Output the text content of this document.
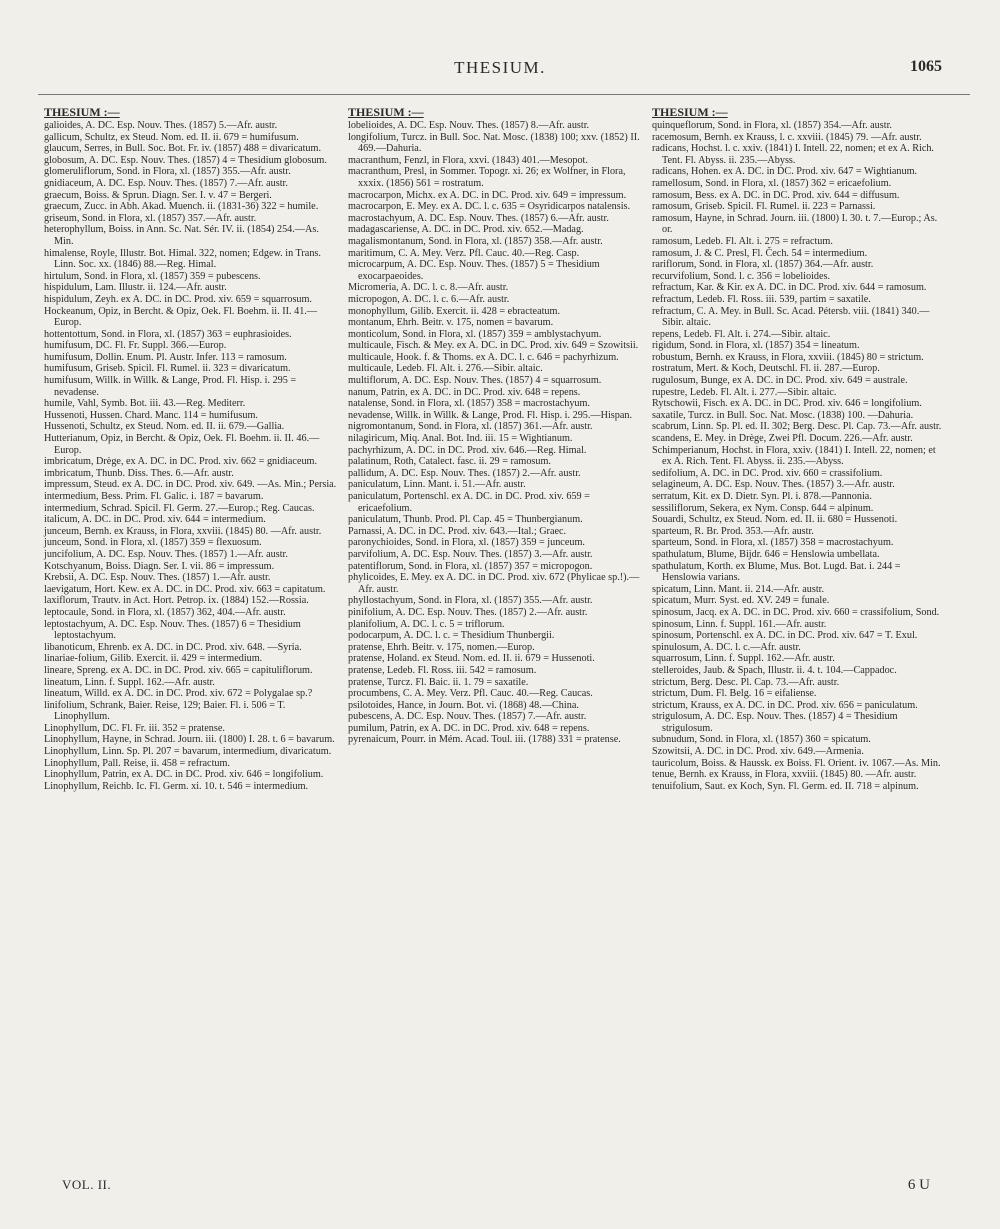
THESIUM.	1065
THESIUM :—

galioides, A. DC. Esp. Nouv. Thes. (1857) 5.—Afr. austr.

gallicum, Schultz, ex Steud. Nom. ed. II. ii. 679 = humifusum.

glaucum, Serres, in Bull. Soc. Bot. Fr. iv. (1857) 488 = divaricatum.

globosum, A. DC. Esp. Nouv. Thes. (1857) 4 = Thesidium globosum.

glomeruliflorum, Sond. in Flora, xl. (1857) 355.—Afr. austr.

gnidiaceum, A. DC. Esp. Nouv. Thes. (1857) 7.—Afr. austr.

graecum, Boiss. & Sprun. Diagn. Ser. I. v. 47 = Bergeri.

graecum, Zucc. in Abh. Akad. Muench. ii. (1831-36) 322 = humile.

griseum, Sond. in Flora, xl. (1857) 357.—Afr. austr.

heterophyllum, Boiss. in Ann. Sc. Nat. Sér. IV. ii. (1854) 254.—As. Min.

himalense, Royle, Illustr. Bot. Himal. 322, nomen; Edgew. in Trans. Linn. Soc. xx. (1846) 88.—Reg. Himal.

hirtulum, Sond. in Flora, xl. (1857) 359 = pubescens.

hispidulum, Lam. Illustr. ii. 124.—Afr. austr.

hispidulum, Zeyh. ex A. DC. in DC. Prod. xiv. 659 = squarrosum.

Hockeanum, Opiz, in Bercht. & Opiz, Oek. Fl. Boehm. ii. II. 41.—Europ.

hottentottum, Sond. in Flora, xl. (1857) 363 = euphrasioides.

humifusum, DC. Fl. Fr. Suppl. 366.—Europ.

humifusum, Dollin. Enum. Pl. Austr. Infer. 113 = ramosum.

humifusum, Griseb. Spicil. Fl. Rumel. ii. 323 = divaricatum.

humifusum, Willk. in Willk. & Lange, Prod. Fl. Hisp. i. 295 = nevadense.

humile, Vahl, Symb. Bot. iii. 43.—Reg. Mediterr.

Hussenoti, Hussen. Chard. Manc. 114 = humifusum.

Hussenoti, Schultz, ex Steud. Nom. ed. II. ii. 679.—Gallia.

Hutterianum, Opiz, in Bercht. & Opiz, Oek. Fl. Boehm. ii. II. 46.—Europ.

imbricatum, Drège, ex A. DC. in DC. Prod. xiv. 662 = gnidiaceum.

imbricatum, Thunb. Diss. Thes. 6.—Afr. austr.

impressum, Steud. ex A. DC. in DC. Prod. xiv. 649. —As. Min.; Persia.

intermedium, Bess. Prim. Fl. Galic. i. 187 = bavarum.

intermedium, Schrad. Spicil. Fl. Germ. 27.—Europ.; Reg. Caucas.

italicum, A. DC. in DC. Prod. xiv. 644 = intermedium.

junceum, Bernh. ex Krauss, in Flora, xxviii. (1845) 80. —Afr. austr.

junceum, Sond. in Flora, xl. (1857) 359 = flexuosum.

juncifolium, A. DC. Esp. Nouv. Thes. (1857) 1.—Afr. austr.

Kotschyanum, Boiss. Diagn. Ser. I. vii. 86 = impressum.

Krebsii, A. DC. Esp. Nouv. Thes. (1857) 1.—Afr. austr.

laevigatum, Hort. Kew. ex A. DC. in DC. Prod. xiv. 663 = capitatum.

laxiflorum, Trautv. in Act. Hort. Petrop. ix. (1884) 152.—Rossia.

leptocaule, Sond. in Flora, xl. (1857) 362, 404.—Afr. austr.

leptostachyum, A. DC. Esp. Nouv. Thes. (1857) 6 = Thesidium leptostachyum.

libanoticum, Ehrenb. ex A. DC. in DC. Prod. xiv. 648. —Syria.

linariae-folium, Gilib. Exercit. ii. 429 = intermedium.

lineare, Spreng. ex A. DC. in DC. Prod. xiv. 665 = capituliflorum.

lineatum, Linn. f. Suppl. 162.—Afr. austr.

lineatum, Willd. ex A. DC. in DC. Prod. xiv. 672 = Polygalae sp.?

linifolium, Schrank, Baier. Reise, 129; Baier. Fl. i. 506 = T. Linophyllum.

Linophyllum, DC. Fl. Fr. iii. 352 = pratense.

Linophyllum, Hayne, in Schrad. Journ. iii. (1800) I. 28. t. 6 = bavarum.

Linophyllum, Linn. Sp. Pl. 207 = bavarum, intermedium, divaricatum.

Linophyllum, Pall. Reise, ii. 458 = refractum.

Linophyllum, Patrin, ex A. DC. in DC. Prod. xiv. 646 = longifolium.

Linophyllum, Reichb. Ic. Fl. Germ. xi. 10. t. 546 = intermedium.

THESIUM :—

lobelioides, A. DC. Esp. Nouv. Thes. (1857) 8.—Afr. austr.

longifolium, Turcz. in Bull. Soc. Nat. Mosc. (1838) 100; xxv. (1852) II. 469.—Dahuria.

macranthum, Fenzl, in Flora, xxvi. (1843) 401.—Mesopot.

macranthum, Presl, in Sommer. Topogr. xi. 26; ex Wolfner, in Flora, xxxix. (1856) 561 = rostratum.

macrocarpon, Michx. ex A. DC. in DC. Prod. xiv. 649 = impressum.

macrocarpon, E. Mey. ex A. DC. l. c. 635 = Osyridicarpos natalensis.

macrostachyum, A. DC. Esp. Nouv. Thes. (1857) 6.—Afr. austr.

madagascariense, A. DC. in DC. Prod. xiv. 652.—Madag.

magalismontanum, Sond. in Flora, xl. (1857) 358.—Afr. austr.

maritimum, C. A. Mey. Verz. Pfl. Cauc. 40.—Reg. Casp.

microcarpum, A. DC. Esp. Nouv. Thes. (1857) 5 = Thesidium exocarpaeoides.

Micromeria, A. DC. l. c. 8.—Afr. austr.

micropogon, A. DC. l. c. 6.—Afr. austr.

monophyllum, Gilib. Exercit. ii. 428 = ebracteatum.

montanum, Ehrh. Beitr. v. 175, nomen = bavarum.

monticolum, Sond. in Flora, xl. (1857) 359 = amblystachyum.

multicaule, Fisch. & Mey. ex A. DC. in DC. Prod. xiv. 649 = Szowitsii.

multicaule, Hook. f. & Thoms. ex A. DC. l. c. 646 = pachyrhizum.

multicaule, Ledeb. Fl. Alt. i. 276.—Sibir. altaic.

multiflorum, A. DC. Esp. Nouv. Thes. (1857) 4 = squarrosum.

nanum, Patrin, ex A. DC. in DC. Prod. xiv. 648 = repens.

natalense, Sond. in Flora, xl. (1857) 358 = macrostachyum.

nevadense, Willk. in Willk. & Lange, Prod. Fl. Hisp. i. 295.—Hispan.

nigromontanum, Sond. in Flora, xl. (1857) 361.—Afr. austr.

nilagiricum, Miq. Anal. Bot. Ind. iii. 15 = Wightianum.

pachyrhizum, A. DC. in DC. Prod. xiv. 646.—Reg. Himal.

palatinum, Roth, Catalect. fasc. ii. 29 = ramosum.

pallidum, A. DC. Esp. Nouv. Thes. (1857) 2.—Afr. austr.

paniculatum, Linn. Mant. i. 51.—Afr. austr.

paniculatum, Portenschl. ex A. DC. in DC. Prod. xiv. 659 = ericaefolium.

paniculatum, Thunb. Prod. Pl. Cap. 45 = Thunbergianum.

Parnassi, A. DC. in DC. Prod. xiv. 643.—Ital.; Graec.

paronychioides, Sond. in Flora, xl. (1857) 359 = junceum.

parvifolium, A. DC. Esp. Nouv. Thes. (1857) 3.—Afr. austr.

patentiflorum, Sond. in Flora, xl. (1857) 357 = micropogon.

phylicoides, E. Mey. ex A. DC. in DC. Prod. xiv. 672 (Phylicae sp.!).—Afr. austr.

phyllostachyum, Sond. in Flora, xl. (1857) 355.—Afr. austr.

pinifolium, A. DC. Esp. Nouv. Thes. (1857) 2.—Afr. austr.

planifolium, A. DC. l. c. 5 = triflorum.

podocarpum, A. DC. l. c. = Thesidium Thunbergii.

pratense, Ehrh. Beitr. v. 175, nomen.—Europ.

pratense, Holand. ex Steud. Nom. ed. II. ii. 679 = Hussenoti.

pratense, Ledeb. Fl. Ross. iii. 542 = ramosum.

pratense, Turcz. Fl. Baic. ii. 1. 79 = saxatile.

procumbens, C. A. Mey. Verz. Pfl. Cauc. 40.—Reg. Caucas.

psilotoides, Hance, in Journ. Bot. vi. (1868) 48.—China.

pubescens, A. DC. Esp. Nouv. Thes. (1857) 7.—Afr. austr.

pumilum, Patrin, ex A. DC. in DC. Prod. xiv. 648 = repens.

pyrenaicum, Pourr. in Mém. Acad. Toul. iii. (1788) 331 = pratense.

THESIUM :—

quinqueflorum, Sond. in Flora, xl. (1857) 354.—Afr. austr.

racemosum, Bernh. ex Krauss, l. c. xxviii. (1845) 79. —Afr. austr.

radicans, Hochst. l. c. xxiv. (1841) I. Intell. 22, nomen; et ex A. Rich. Tent. Fl. Abyss. ii. 235.—Abyss.

radicans, Hohen. ex A. DC. in DC. Prod. xiv. 647 = Wightianum.

ramellosum, Sond. in Flora, xl. (1857) 362 = ericaefolium.

ramosum, Bess. ex A. DC. in DC. Prod. xiv. 644 = diffusum.

ramosum, Griseb. Spicil. Fl. Rumel. ii. 223 = Parnassi.

ramosum, Hayne, in Schrad. Journ. iii. (1800) I. 30. t. 7.—Europ.; As. or.

ramosum, Ledeb. Fl. Alt. i. 275 = refractum.

ramosum, J. & C. Presl, Fl. Čech. 54 = intermedium.

rariflorum, Sond. in Flora, xl. (1857) 364.—Afr. austr.

recurvifolium, Sond. l. c. 356 = lobelioides.

refractum, Kar. & Kir. ex A. DC. in DC. Prod. xiv. 644 = ramosum.

refractum, Ledeb. Fl. Ross. iii. 539, partim = saxatile.

refractum, C. A. Mey. in Bull. Sc. Acad. Pétersb. viii. (1841) 340.—Sibir. altaic.

repens, Ledeb. Fl. Alt. i. 274.—Sibir. altaic.

rigidum, Sond. in Flora, xl. (1857) 354 = lineatum.

robustum, Bernh. ex Krauss, in Flora, xxviii. (1845) 80 = strictum.

rostratum, Mert. & Koch, Deutschl. Fl. ii. 287.—Europ.

rugulosum, Bunge, ex A. DC. in DC. Prod. xiv. 649 = australe.

rupestre, Ledeb. Fl. Alt. i. 277.—Sibir. altaic.

Rytschowii, Fisch. ex A. DC. in DC. Prod. xiv. 646 = longifolium.

saxatile, Turcz. in Bull. Soc. Nat. Mosc. (1838) 100. —Dahuria.

scabrum, Linn. Sp. Pl. ed. II. 302; Berg. Desc. Pl. Cap. 73.—Afr. austr.

scandens, E. Mey. in Drège, Zwei Pfl. Docum. 226.—Afr. austr.

Schimperianum, Hochst. in Flora, xxiv. (1841) I. Intell. 22, nomen; et ex A. Rich. Tent. Fl. Abyss. ii. 235.—Abyss.

sedifolium, A. DC. in DC. Prod. xiv. 660 = crassifolium.

selagineum, A. DC. Esp. Nouv. Thes. (1857) 3.—Afr. austr.

serratum, Kit. ex D. Dietr. Syn. Pl. i. 878.—Pannonia.

sessiliflorum, Sekera, ex Nym. Consp. 644 = alpinum.

Souardi, Schultz, ex Steud. Nom. ed. II. ii. 680 = Hussenoti.

sparteum, R. Br. Prod. 353.—Afr. austr.

sparteum, Sond. in Flora, xl. (1857) 358 = macrostachyum.

spathulatum, Blume, Bijdr. 646 = Henslowia umbellata.

spathulatum, Korth. ex Blume, Mus. Bot. Lugd. Bat. i. 244 = Henslowia varians.

spicatum, Linn. Mant. ii. 214.—Afr. austr.

spicatum, Murr. Syst. ed. XV. 249 = funale.

spinosum, Jacq. ex A. DC. in DC. Prod. xiv. 660 = crassifolium, Sond.

spinosum, Linn. f. Suppl. 161.—Afr. austr.

spinosum, Portenschl. ex A. DC. in DC. Prod. xiv. 647 = T. Exul.

spinulosum, A. DC. l. c.—Afr. austr.

squarrosum, Linn. f. Suppl. 162.—Afr. austr.

stelleroides, Jaub. & Spach, Illustr. ii. 4. t. 104.—Cappadoc.

strictum, Berg. Desc. Pl. Cap. 73.—Afr. austr.

strictum, Dum. Fl. Belg. 16 = eifaliense.

strictum, Krauss, ex A. DC. in DC. Prod. xiv. 656 = paniculatum.

strigulosum, A. DC. Esp. Nouv. Thes. (1857) 4 = Thesidium strigulosum.

subnudum, Sond. in Flora, xl. (1857) 360 = spicatum.

Szowitsii, A. DC. in DC. Prod. xiv. 649.—Armenia.

tauricolum, Boiss. & Haussk. ex Boiss. Fl. Orient. iv. 1067.—As. Min.

tenue, Bernh. ex Krauss, in Flora, xxviii. (1845) 80. —Afr. austr.

tenuifolium, Saut. ex Koch, Syn. Fl. Germ. ed. II. 718 = alpinum.

VOL. II.	6 U
